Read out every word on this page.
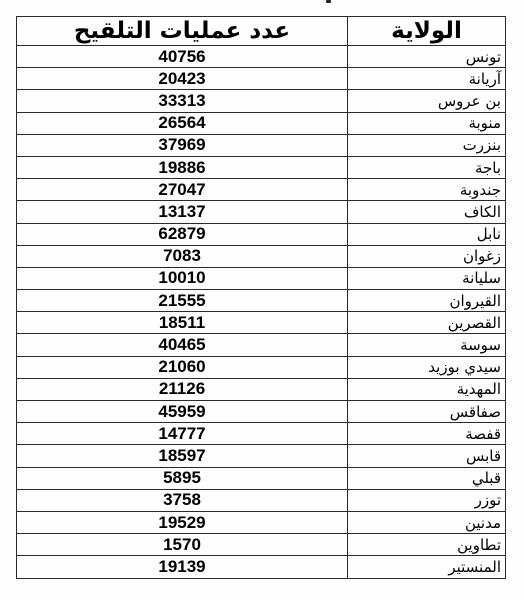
الولاية	عدد عمليات التلقيح
تونس	40756
آريانة	20423
بن عروس	33313
منوبة	26564
بنزرت	37969
باجة	19886
جندوبة	27047
الكاف	13137
نابل	62879
زغوان	7083
سليانة	10010
القيروان	21555
القصرين	18511
سوسة	40465
سيدي بوزيد	21060
المهدية	21126
صفاقس	45959
قفصة	14777
قابس	18597
قبلي	5895
توزر	3758
مدنين	19529
تطاوين	1570
المنستير	19139
